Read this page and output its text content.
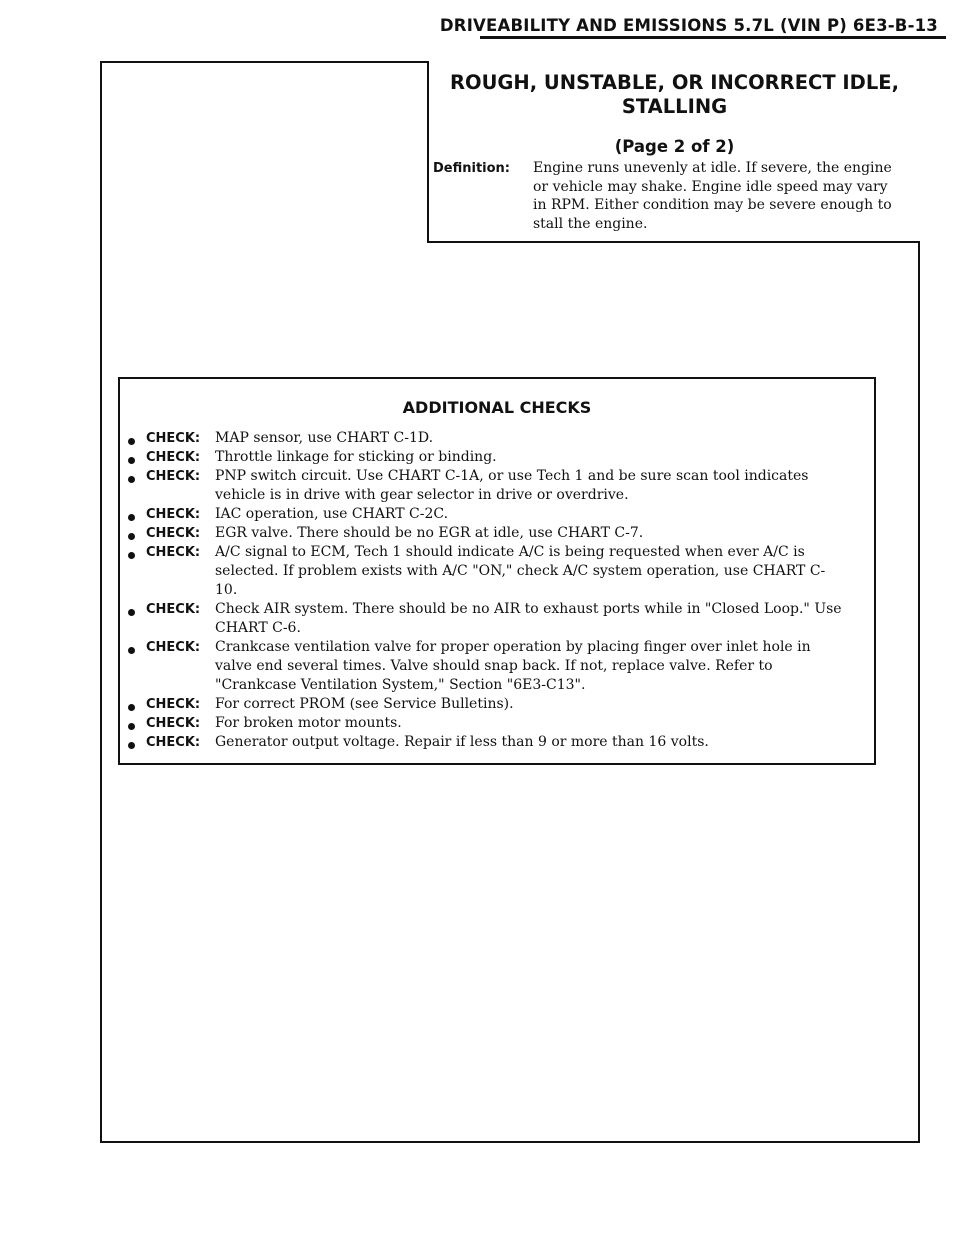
DRIVEABILITY AND EMISSIONS 5.7L (VIN P) 6E3-B-13
ROUGH, UNSTABLE, OR INCORRECT IDLE,
STALLING
(Page 2 of 2)
Definition: Engine runs unevenly at idle. If severe, the engine
or vehicle may shake. Engine idle speed may vary
in RPM. Either condition may be severe enough to
stall the engine.
ADDITIONAL CHECKS
CHECK: MAP sensor, use CHART C-1D.
CHECK: Throttle linkage for sticking or binding.
CHECK: PNP switch circuit. Use CHART C-1A, or use Tech 1 and be sure scan tool indicates
vehicle is in drive with gear selector in drive or overdrive.
CHECK: IAC operation, use CHART C-2C.
CHECK: EGR valve. There should be no EGR at idle, use CHART C-7.
CHECK: A/C signal to ECM, Tech 1 should indicate A/C is being requested when ever A/C is
selected. If problem exists with A/C "ON," check A/C system operation, use CHART C-
10.
CHECK: Check AIR system. There should be no AIR to exhaust ports while in "Closed Loop." Use
CHART C-6.
CHECK: Crankcase ventilation valve for proper operation by placing finger over inlet hole in
valve end several times. Valve should snap back. If not, replace valve. Refer to
"Crankcase Ventilation System," Section "6E3-C13".
CHECK: For correct PROM (see Service Bulletins).
CHECK: For broken motor mounts.
CHECK: Generator output voltage. Repair if less than 9 or more than 16 volts.
